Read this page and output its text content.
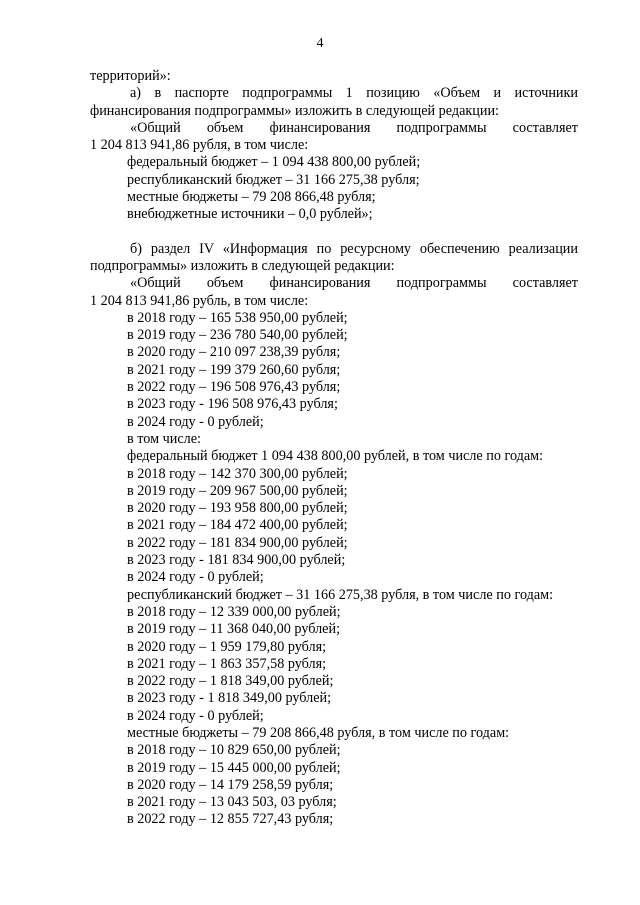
4
территорий»:
а) в паспорте подпрограммы 1 позицию «Объем и источники
финансирования подпрограммы» изложить в следующей редакции:
«Общий объем финансирования подпрограммы составляет
1 204 813 941,86 рубля, в том числе:
федеральный бюджет – 1 094 438 800,00 рублей;
республиканский бюджет – 31 166 275,38 рубля;
местные бюджеты – 79 208 866,48 рубля;
внебюджетные источники – 0,0 рублей»;
б) раздел IV «Информация по ресурсному обеспечению реализации
подпрограммы» изложить в следующей редакции:
«Общий объем финансирования подпрограммы составляет
1 204 813 941,86 рубль, в том числе:
в 2018 году – 165 538 950,00 рублей;
в 2019 году – 236 780 540,00 рублей;
в 2020 году – 210 097 238,39 рубля;
в 2021 году – 199 379 260,60 рубля;
в 2022 году – 196 508 976,43 рубля;
в 2023 году - 196 508 976,43 рубля;
в 2024 году - 0 рублей;
в том числе:
федеральный бюджет 1 094 438 800,00 рублей, в том числе по годам:
в 2018 году – 142 370 300,00 рублей;
в 2019 году – 209 967 500,00 рублей;
в 2020 году – 193 958 800,00 рублей;
в 2021 году – 184 472 400,00 рублей;
в 2022 году – 181 834 900,00 рублей;
в 2023 году - 181 834 900,00 рублей;
в 2024 году - 0 рублей;
республиканский бюджет – 31 166 275,38 рубля, в том числе по годам:
в 2018 году – 12 339 000,00 рублей;
в 2019 году – 11 368 040,00 рублей;
в 2020 году – 1 959 179,80 рубля;
в 2021 году – 1 863 357,58 рубля;
в 2022 году – 1 818 349,00 рублей;
в 2023 году - 1 818 349,00 рублей;
в 2024 году - 0 рублей;
местные бюджеты – 79 208 866,48 рубля, в том числе по годам:
в 2018 году – 10 829 650,00 рублей;
в 2019 году – 15 445 000,00 рублей;
в 2020 году – 14 179 258,59 рубля;
в 2021 году – 13 043 503, 03 рубля;
в 2022 году – 12 855 727,43 рубля;
